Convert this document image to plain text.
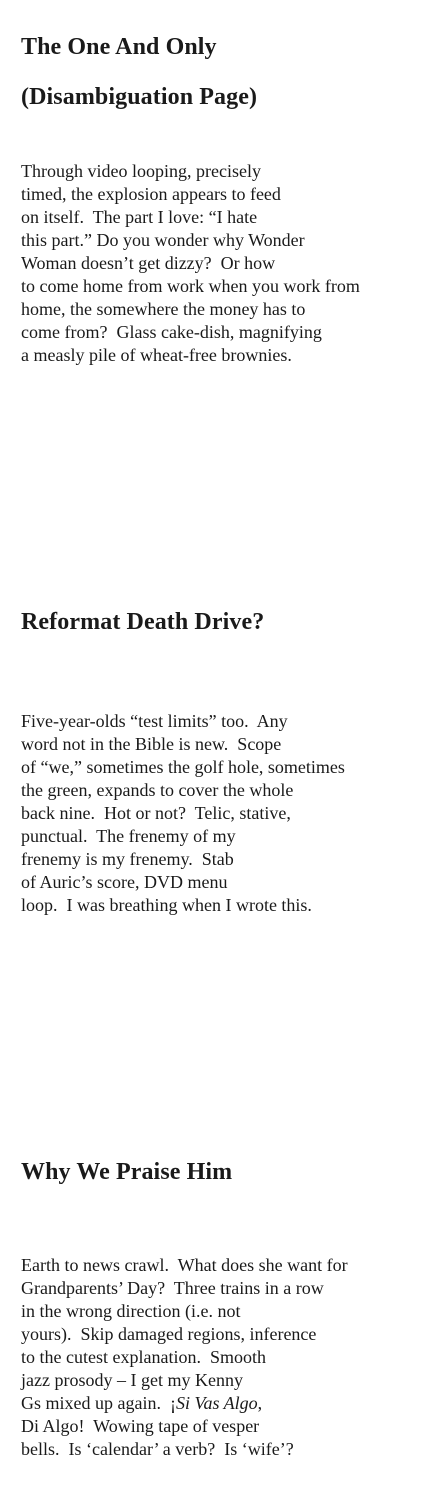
The One And Only
(Disambiguation Page)
Through video looping, precisely
timed, the explosion appears to feed
on itself.  The part I love: “I hate
this part.” Do you wonder why Wonder
Woman doesn’t get dizzy?  Or how
to come home from work when you work from
home, the somewhere the money has to
come from?  Glass cake-dish, magnifying
a measly pile of wheat-free brownies.
Reformat Death Drive?
Five-year-olds “test limits” too.  Any
word not in the Bible is new.  Scope
of “we,” sometimes the golf hole, sometimes
the green, expands to cover the whole
back nine.  Hot or not?  Telic, stative,
punctual.  The frenemy of my
frenemy is my frenemy.  Stab
of Auric’s score, DVD menu
loop.  I was breathing when I wrote this.
Why We Praise Him
Earth to news crawl.  What does she want for
Grandparents’ Day?  Three trains in a row
in the wrong direction (i.e. not
yours).  Skip damaged regions, inference
to the cutest explanation.  Smooth
jazz prosody – I get my Kenny
Gs mixed up again.  ¡Si Vas Algo,
Di Algo!  Wowing tape of vesper
bells.  Is ‘calendar’ a verb?  Is ‘wife’?
